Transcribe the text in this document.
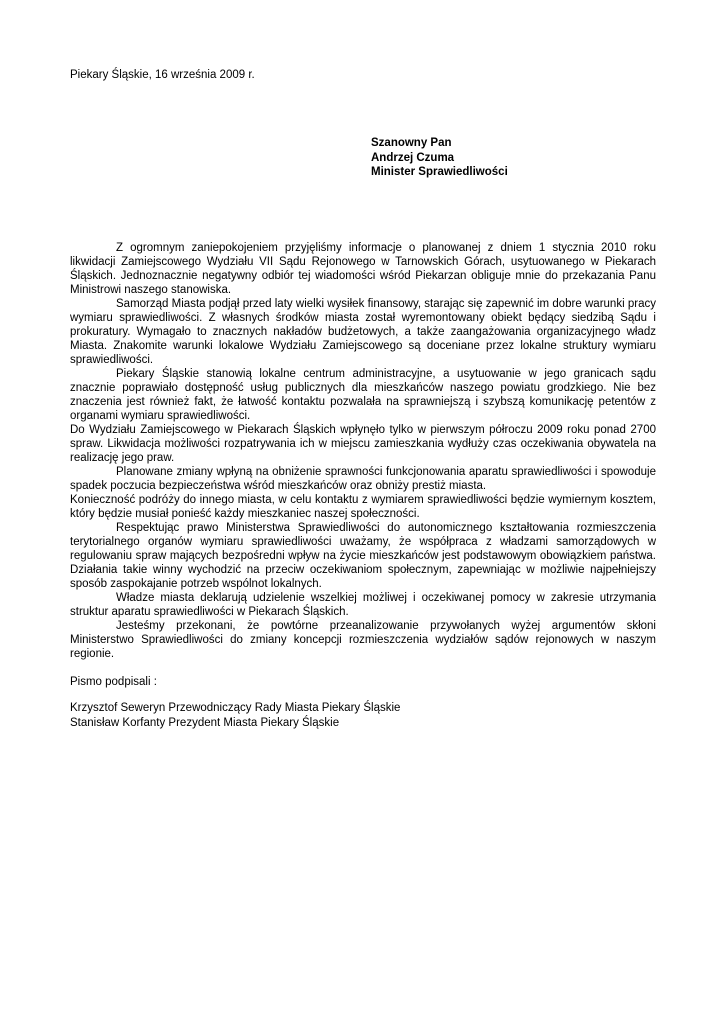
Piekary Śląskie, 16 września 2009 r.
Szanowny Pan
Andrzej Czuma
Minister Sprawiedliwości

Z ogromnym zaniepokojeniem przyjęliśmy informacje o planowanej z dniem 1 stycznia 2010 roku likwidacji Zamiejscowego Wydziału VII Sądu Rejonowego w Tarnowskich Górach, usytuowanego w Piekarach Śląskich. Jednoznacznie negatywny odbiór tej wiadomości wśród Piekarzan obliguje mnie do przekazania Panu Ministrowi naszego stanowiska.

Samorząd Miasta podjął przed laty wielki wysiłek finansowy, starając się zapewnić im dobre warunki pracy wymiaru sprawiedliwości. Z własnych środków miasta został wyremontowany obiekt będący siedzibą Sądu i prokuratury. Wymagało to znacznych nakładów budżetowych, a także zaangażowania organizacyjnego władz Miasta. Znakomite warunki lokalowe Wydziału Zamiejscowego są doceniane przez lokalne struktury wymiaru sprawiedliwości.

Piekary Śląskie stanowią lokalne centrum administracyjne, a usytuowanie w jego granicach sądu znacznie poprawiało dostępność usług publicznych dla mieszkańców naszego powiatu grodzkiego. Nie bez znaczenia jest również fakt, że łatwość kontaktu pozwalała na sprawniejszą i szybszą komunikację petentów z organami wymiaru sprawiedliwości.

Do Wydziału Zamiejscowego w Piekarach Śląskich wpłynęło tylko w pierwszym półroczu 2009 roku ponad 2700 spraw. Likwidacja możliwości rozpatrywania ich w miejscu zamieszkania wydłuży czas oczekiwania obywatela na realizację jego praw.

Planowane zmiany wpłyną na obniżenie sprawności funkcjonowania aparatu sprawiedliwości i spowoduje spadek poczucia bezpieczeństwa wśród mieszkańców oraz obniży prestiż miasta.

Konieczność podróży do innego miasta, w celu kontaktu z wymiarem sprawiedliwości będzie wymiernym kosztem, który będzie musiał ponieść każdy mieszkaniec naszej społeczności.

Respektując prawo Ministerstwa Sprawiedliwości do autonomicznego kształtowania rozmieszczenia terytorialnego organów wymiaru sprawiedliwości uważamy, że współpraca z władzami samorządowych w regulowaniu spraw mających bezpośredni wpływ na życie mieszkańców jest podstawowym obowiązkiem państwa. Działania takie winny wychodzić na przeciw oczekiwaniom społecznym, zapewniając w możliwie najpełniejszy sposób zaspokajanie potrzeb wspólnot lokalnych.

Władze miasta deklarują udzielenie wszelkiej możliwej i oczekiwanej pomocy w zakresie utrzymania struktur aparatu sprawiedliwości w Piekarach Śląskich.

Jesteśmy przekonani, że powtórne przeanalizowanie przywołanych wyżej argumentów skłoni Ministerstwo Sprawiedliwości do zmiany koncepcji rozmieszczenia wydziałów sądów rejonowych w naszym regionie.

Pismo podpisali :
Krzysztof Seweryn Przewodniczący Rady Miasta Piekary Śląskie
Stanisław Korfanty Prezydent Miasta Piekary Śląskie
